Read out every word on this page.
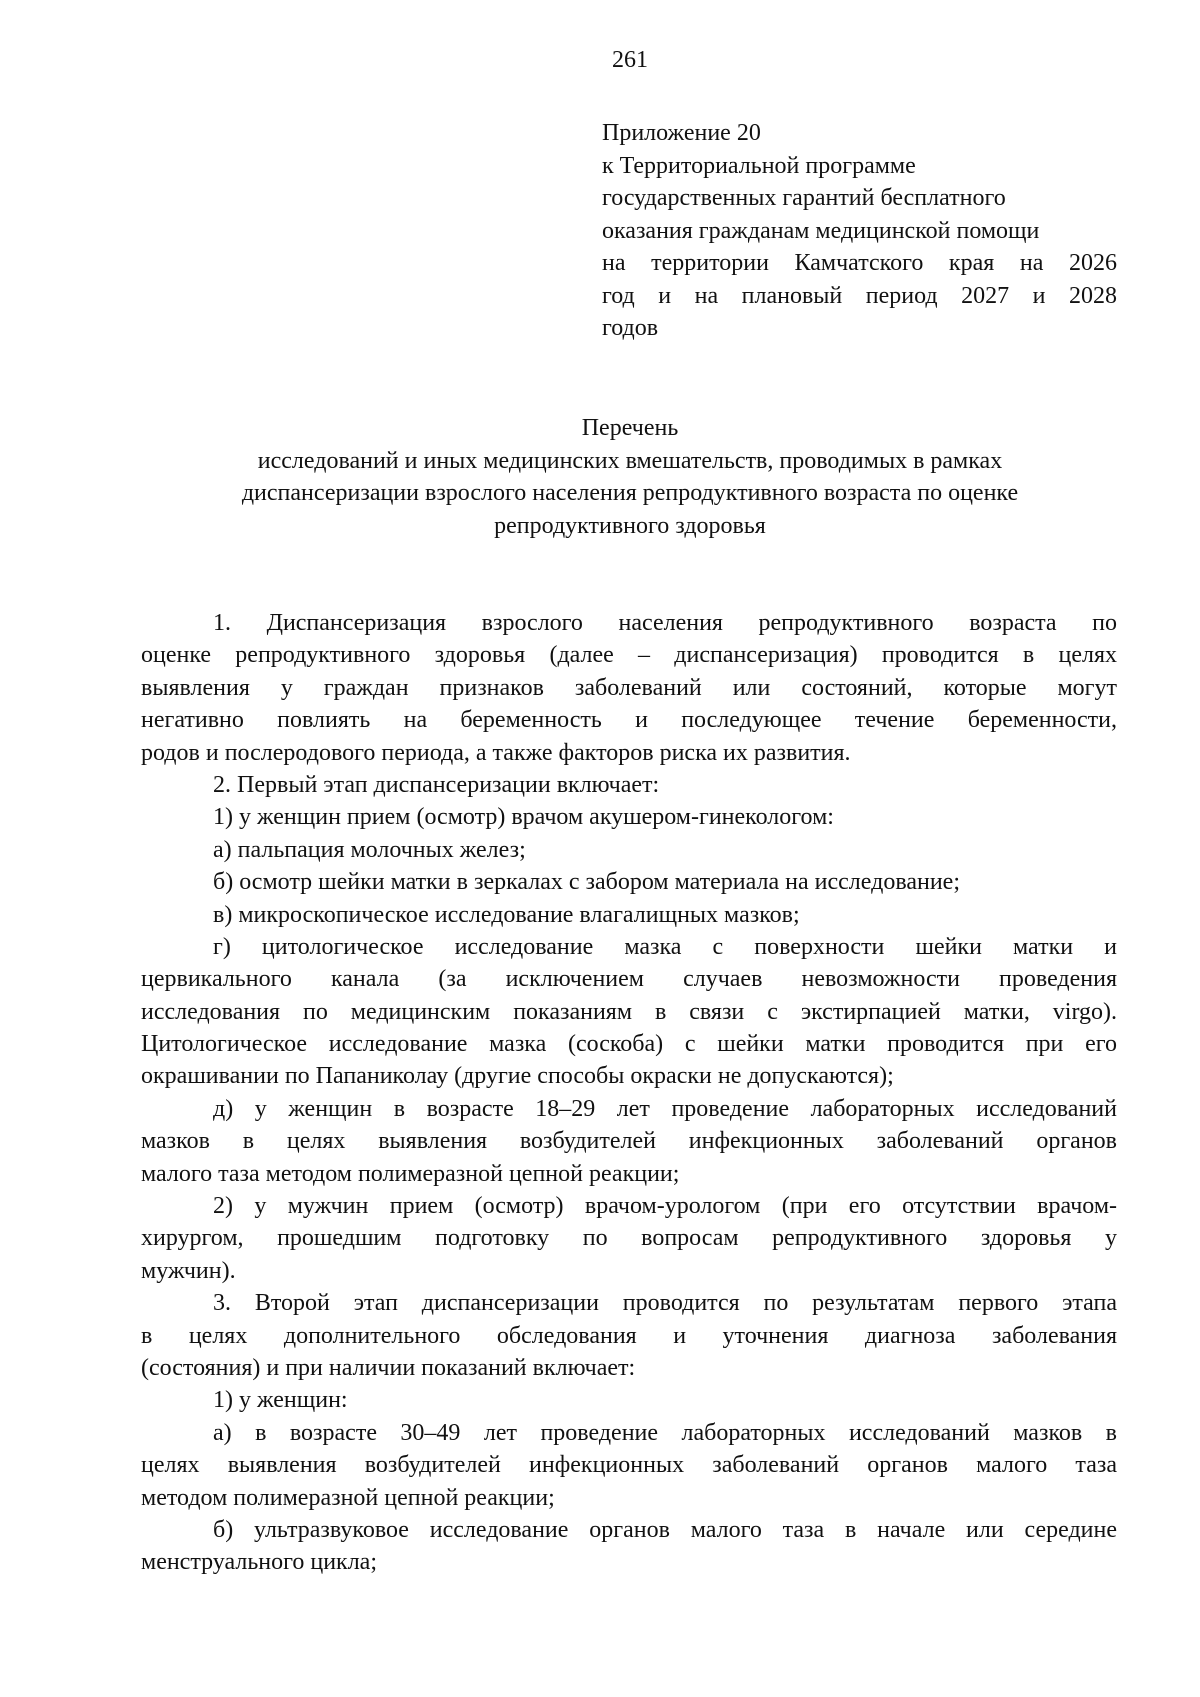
261
Приложение 20
к Территориальной программе
государственных гарантий бесплатного
оказания гражданам медицинской помощи
на территории Камчатского края на 2026
год и на плановый период 2027 и 2028
годов
Перечень
исследований и иных медицинских вмешательств, проводимых в рамках
диспансеризации взрослого населения репродуктивного возраста по оценке
репродуктивного здоровья
1. Диспансеризация взрослого населения репродуктивного возраста по
оценке репродуктивного здоровья (далее – диспансеризация) проводится в целях
выявления у граждан признаков заболеваний или состояний, которые могут
негативно повлиять на беременность и последующее течение беременности,
родов и послеродового периода, а также факторов риска их развития.
2. Первый этап диспансеризации включает:
1) у женщин прием (осмотр) врачом акушером-гинекологом:
а) пальпация молочных желез;
б) осмотр шейки матки в зеркалах с забором материала на исследование;
в) микроскопическое исследование влагалищных мазков;
г) цитологическое исследование мазка с поверхности шейки матки и
цервикального канала (за исключением случаев невозможности проведения
исследования по медицинским показаниям в связи с экстирпацией матки, virgo).
Цитологическое исследование мазка (соскоба) с шейки матки проводится при его
окрашивании по Папаниколау (другие способы окраски не допускаются);
д) у женщин в возрасте 18–29 лет проведение лабораторных исследований
мазков в целях выявления возбудителей инфекционных заболеваний органов
малого таза методом полимеразной цепной реакции;
2) у мужчин прием (осмотр) врачом-урологом (при его отсутствии врачом-
хирургом, прошедшим подготовку по вопросам репродуктивного здоровья у
мужчин).
3. Второй этап диспансеризации проводится по результатам первого этапа
в целях дополнительного обследования и уточнения диагноза заболевания
(состояния) и при наличии показаний включает:
1) у женщин:
а) в возрасте 30–49 лет проведение лабораторных исследований мазков в
целях выявления возбудителей инфекционных заболеваний органов малого таза
методом полимеразной цепной реакции;
б) ультразвуковое исследование органов малого таза в начале или середине
менструального цикла;
